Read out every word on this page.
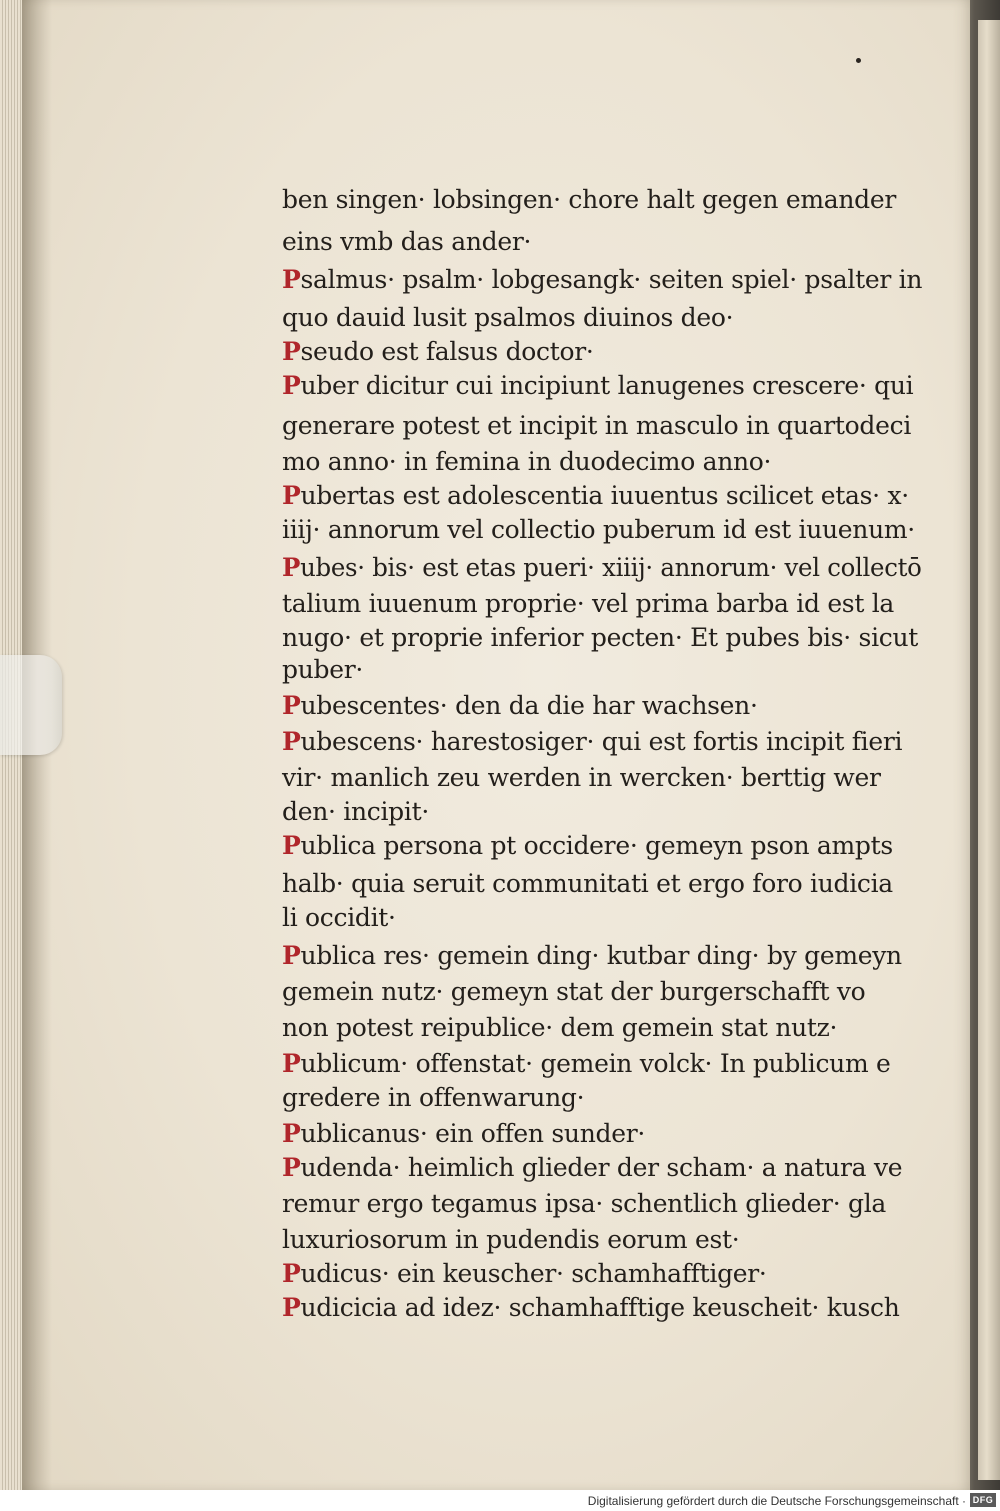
ben singen· lobsingen· chore halt gegen emander
eins vmb das ander·
Psalmus· psalm· lobgesangk· seiten spiel· psalter in
quo dauid lusit psalmos diuinos deo·
Pseudo est falsus doctor·
Puber dicitur cui incipiunt lanugenes crescere· qui
generare potest et incipit in masculo in quartodeci
mo anno· in femina in duodecimo anno·
Pubertas est adolescentia iuuentus scilicet etas· x·
iiij· annorum vel collectio puberum id est iuuenum·
Pubes· bis· est etas pueri· xiiij· annorum· vel collectō
talium iuuenum proprie· vel prima barba id est la
nugo· et proprie inferior pecten· Et pubes bis· sicut
puber·
Pubescentes· den da die har wachsen·
Pubescens· harestosiger· qui est fortis incipit fieri
vir· manlich zeu werden in wercken· berttig wer
den· incipit·
Publica persona pt occidere· gemeyn pson ampts
halb· quia seruit communitati et ergo foro iudicia
li occidit·
Publica res· gemein ding· kutbar ding· by gemeyn
gemein nutz· gemeyn stat der burgerschafft vo
non potest reipublice· dem gemein stat nutz·
Publicum· offenstat· gemein volck· In publicum e
gredere in offenwarung·
Publicanus· ein offen sunder·
Pudenda· heimlich glieder der scham· a natura ve
remur ergo tegamus ipsa· schentlich glieder· gla
luxuriosorum in pudendis eorum est·
Pudicus· ein keuscher· schamhafftiger·
Pudicicia ad idez· schamhafftige keuscheit· kusch
Digitalisierung gefördert durch die Deutsche Forschungsgemeinschaft · DFG
